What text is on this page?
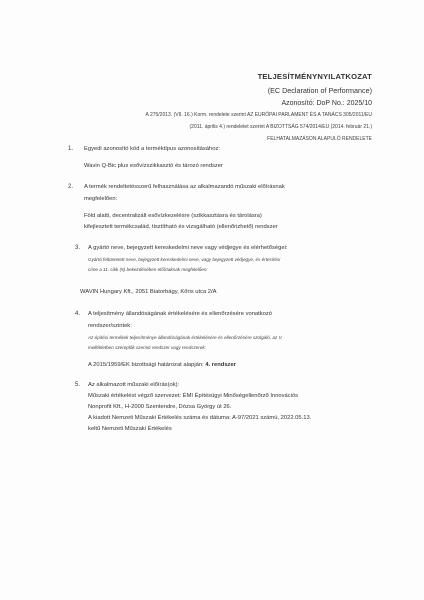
TELJESÍTMÉNYNYILATKOZAT
(EC Declaration of Performance)
Azonosító: DoP No.: 2025/10
A 275/2013. (VII. 16.) Korm. rendelete szerint AZ EURÓPAI PARLAMENT ÉS A TANÁCS 305/2011/EU
(2011. április 4.) rendeletet szerint A BIZOTTSÁG 574/2014/EU (2014. február 21.)
FELHATALMAZÁSON ALAPULÓ RENDELETE
1. Egyedi azonosító kód a terméktípus azonosításához:
Wavin Q-Bic plus esővízszikkasztó és tározó rendszer
2. A termék rendeltetésszerű felhasználása az alkalmazandó műszaki előírásnak
megfelelően:
Föld alatti, decentralizált esővízkezelésre (szikkasztásra és tárolásra)
kifejlesztett termékcsalád, tisztítható és vizsgálható (ellenőrizhető) rendszer
3. A gyártó neve, bejegyzett kereskedelmi neve vagy védjegye és elérhetőségei:
Gyártó feltüntetett neve, bejegyzett kereskedelmi neve, vagy bejegyzett védjegye, és értesítési
címe a 11. cikk (5) bekezdésében előírtaknak megfelelően:
WAVIN Hungary Kft., 2051 Biatorbágy, Kőris utca 2/A
4. A teljesítmény állandóságának értékelésére és ellenőrzésére vonatkozó
rendszer/szintek:
Az építési termékek teljesítménye állandóságának értékelésére és ellenőrzésére szolgáló, az V.
mellékletben szereplők szerinti rendszer vagy rendszerek:
A 2015/1959/EK bizottsági határozat alapján: 4. rendszer
5. Az alkalmazott műszaki előírás(ok):
Műszaki értékelést végző szervezet: ÉMI Építésügyi Minőségellenőrző Innovációs
Nonprofit Kft., H-2000 Szentendre, Dózsa György út 26.
A kiadott Nemzeti Műszaki Értékelés száma és dátuma: A-97/2021 számú, 2022.05.13.
keltű Nemzeti Műszaki Értékelés
